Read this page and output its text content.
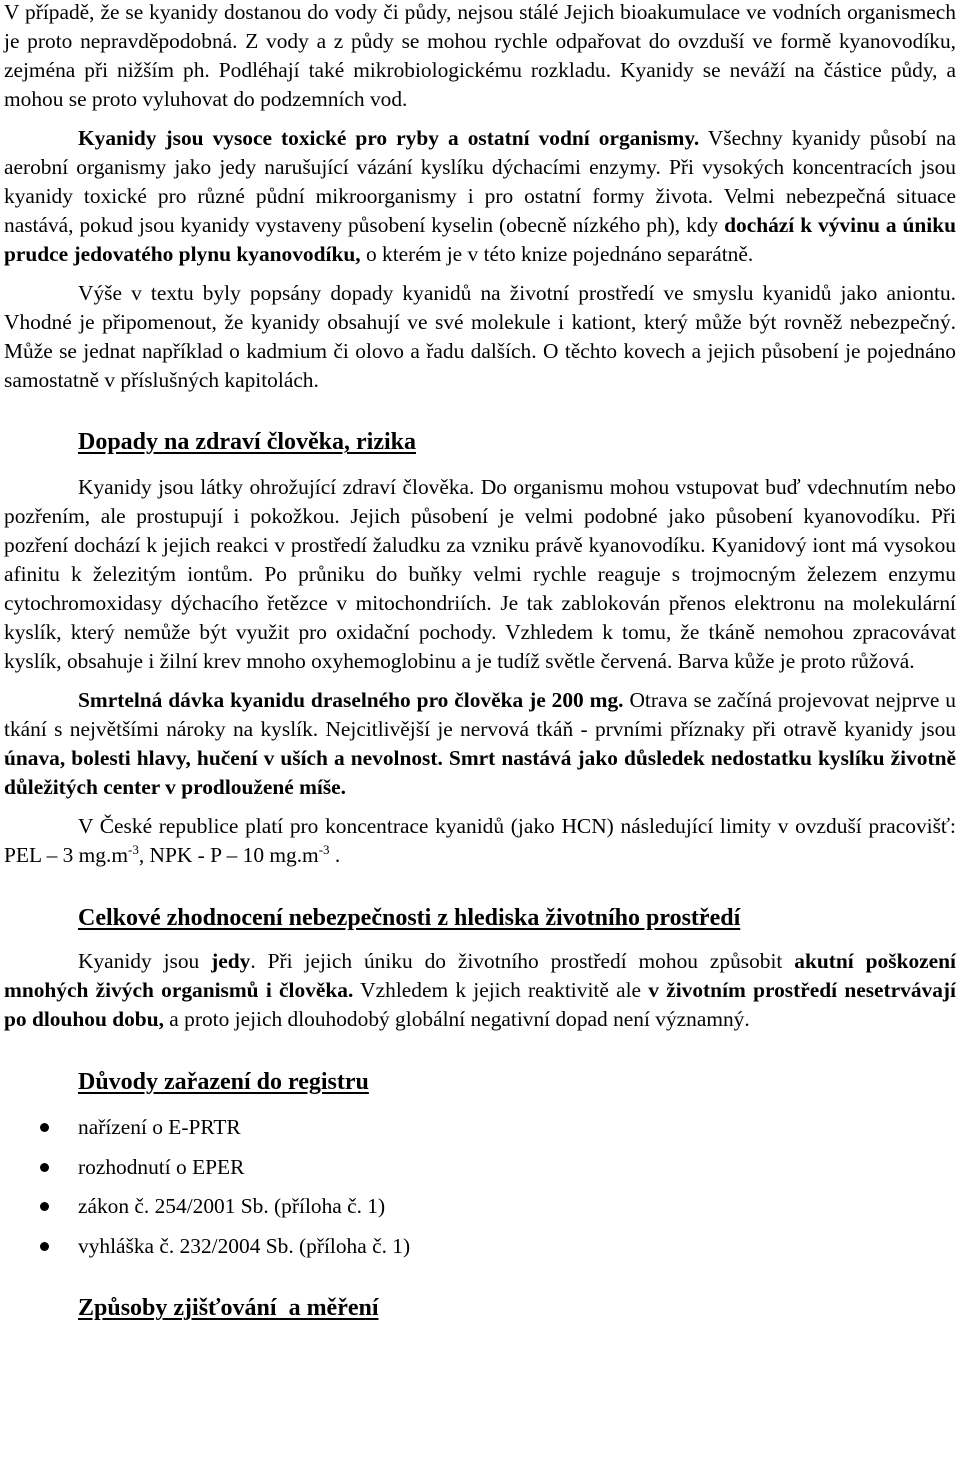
V případě, že se kyanidy dostanou do vody či půdy, nejsou stálé Jejich bioakumulace ve vodních organismech je proto nepravděpodobná. Z vody a z půdy se mohou rychle odpařovat do ovzduší ve formě kyanovodíku, zejména při nižším ph. Podléhají také mikrobiologickému rozkladu. Kyanidy se neváží na částice půdy, a mohou se proto vyluhovat do podzemních vod.

Kyanidy jsou vysoce toxické pro ryby a ostatní vodní organismy. Všechny kyanidy působí na aerobní organismy jako jedy narušující vázání kyslíku dýchacími enzymy. Při vysokých koncentracích jsou kyanidy toxické pro různé půdní mikroorganismy i pro ostatní formy života. Velmi nebezpečná situace nastává, pokud jsou kyanidy vystaveny působení kyselin (obecně nízkého ph), kdy dochází k vývinu a úniku prudce jedovatého plynu kyanovodíku, o kterém je v této knize pojednáno separátně.

Výše v textu byly popsány dopady kyanidů na životní prostředí ve smyslu kyanidů jako aniontu. Vhodné je připomenout, že kyanidy obsahují ve své molekule i kationt, který může být rovněž nebezpečný. Může se jednat například o kadmium či olovo a řadu dalších. O těchto kovech a jejich působení je pojednáno samostatně v příslušných kapitolách.

Dopady na zdraví člověka, rizika

Kyanidy jsou látky ohrožující zdraví člověka. Do organismu mohou vstupovat buď vdechnutím nebo pozřením, ale prostupují i pokožkou. Jejich působení je velmi podobné jako působení kyanovodíku. Při pozření dochází k jejich reakci v prostředí žaludku za vzniku právě kyanovodíku. Kyanidový iont má vysokou afinitu k železitým iontům. Po průniku do buňky velmi rychle reaguje s trojmocným železem enzymu cytochromoxidasy dýchacího řetězce v mitochondriích. Je tak zablokován přenos elektronu na molekulární kyslík, který nemůže být využit pro oxidační pochody. Vzhledem k tomu, že tkáně nemohou zpracovávat kyslík, obsahuje i žilní krev mnoho oxyhemoglobinu a je tudíž světle červená. Barva kůže je proto růžová.

Smrtelná dávka kyanidu draselného pro člověka je 200 mg. Otrava se začíná projevovat nejprve u tkání s největšími nároky na kyslík. Nejcitlivější je nervová tkáň - prvními příznaky při otravě kyanidy jsou únava, bolesti hlavy, hučení v uších a nevolnost. Smrt nastává jako důsledek nedostatku kyslíku životně důležitých center v prodloužené míše.

V České republice platí pro koncentrace kyanidů (jako HCN) následující limity v ovzduší pracovišť: PEL – 3 $mg.m^{-3}$, NPK - P – 10 $mg.m^{-3}$ .

Celkové zhodnocení nebezpečnosti z hlediska životního prostředí

Kyanidy jsou jedy. Při jejich úniku do životního prostředí mohou způsobit akutní poškození mnohých živých organismů i člověka. Vzhledem k jejich reaktivitě ale v životním prostředí nesetrvávají po dlouhou dobu, a proto jejich dlouhodobý globální negativní dopad není významný.

Důvody zařazení do registru
nařízení o E-PRTR
rozhodnutí o EPER
zákon č. 254/2001 Sb. (příloha č. 1)
vyhláška č. 232/2004 Sb. (příloha č. 1)
Způsoby zjišťování  a měření
